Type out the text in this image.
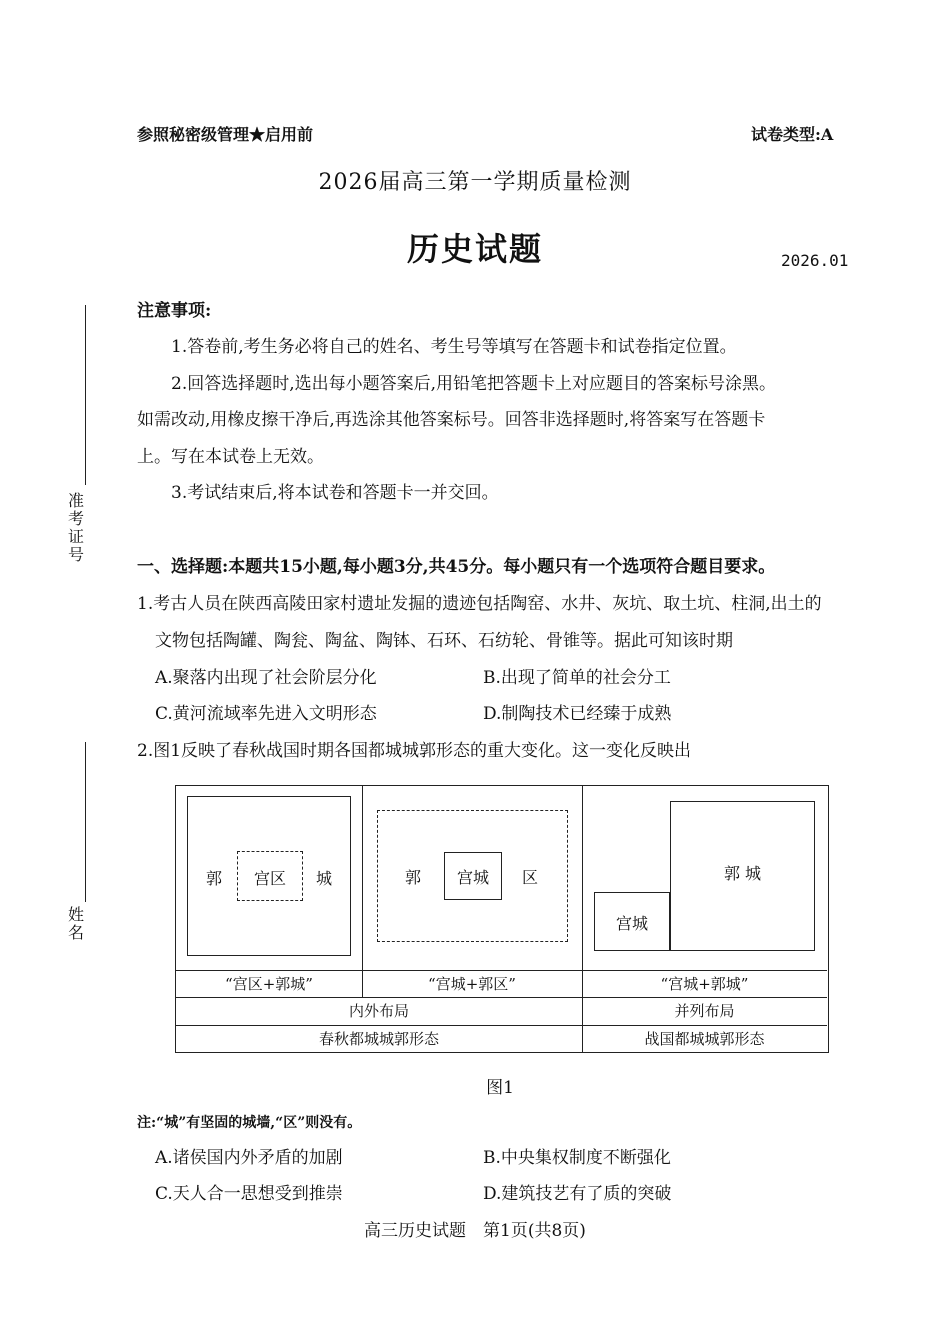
参照秘密级管理★启用前	试卷类型:A
2026届高三第一学期质量检测
历史试题	2026.01
准考证号
姓名
注意事项:
1.答卷前,考生务必将自己的姓名、考生号等填写在答题卡和试卷指定位置。
2.回答选择题时,选出每小题答案后,用铅笔把答题卡上对应题目的答案标号涂黑。
如需改动,用橡皮擦干净后,再选涂其他答案标号。回答非选择题时,将答案写在答题卡
上。写在本试卷上无效。
3.考试结束后,将本试卷和答题卡一并交回。
一、选择题:本题共15小题,每小题3分,共45分。每小题只有一个选项符合题目要求。
1.考古人员在陕西高陵田家村遗址发掘的遗迹包括陶窑、水井、灰坑、取土坑、柱洞,出土的
文物包括陶罐、陶瓮、陶盆、陶钵、石环、石纺轮、骨锥等。据此可知该时期
A.聚落内出现了社会阶层分化	B.出现了简单的社会分工
C.黄河流域率先进入文明形态	D.制陶技术已经臻于成熟
2.图1反映了春秋战国时期各国都城城郭形态的重大变化。这一变化反映出
郭	宫区	城	郭	宫城	区	郭 城
宫城
“宫区+郭城”	“宫城+郭区”	“宫城+郭城”
内外布局	并列布局
春秋都城城郭形态	战国都城城郭形态
图1
注:“城”有坚固的城墙,“区”则没有。
A.诸侯国内外矛盾的加剧	B.中央集权制度不断强化
C.天人合一思想受到推崇	D.建筑技艺有了质的突破
高三历史试题　第1页(共8页)
